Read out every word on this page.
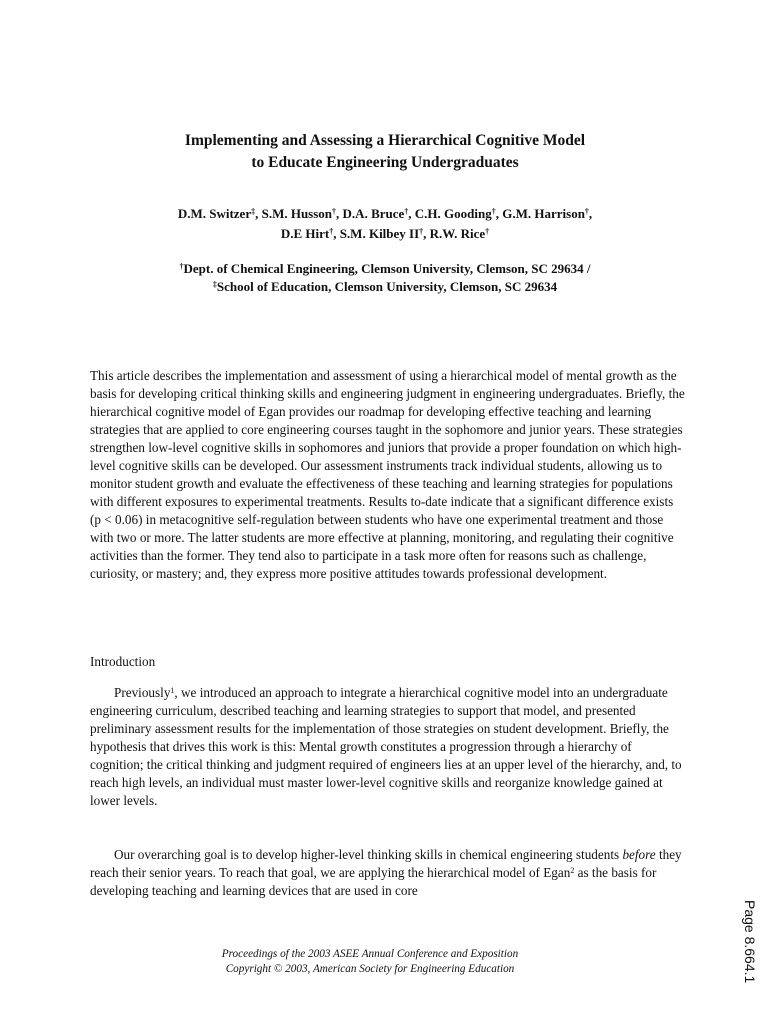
Implementing and Assessing a Hierarchical Cognitive Model
to Educate Engineering Undergraduates
D.M. Switzer‡, S.M. Husson†, D.A. Bruce†, C.H. Gooding†, G.M. Harrison†,
D.E Hirt†, S.M. Kilbey II†, R.W. Rice†
†Dept. of Chemical Engineering, Clemson University, Clemson, SC 29634 /
‡School of Education, Clemson University, Clemson, SC 29634

This article describes the implementation and assessment of using a hierarchical model of mental growth as the basis for developing critical thinking skills and engineering judgment in engineering undergraduates. Briefly, the hierarchical cognitive model of Egan provides our roadmap for developing effective teaching and learning strategies that are applied to core engineering courses taught in the sophomore and junior years. These strategies strengthen low-level cognitive skills in sophomores and juniors that provide a proper foundation on which high-level cognitive skills can be developed. Our assessment instruments track individual students, allowing us to monitor student growth and evaluate the effectiveness of these teaching and learning strategies for populations with different exposures to experimental treatments. Results to-date indicate that a significant difference exists (p < 0.06) in metacognitive self-regulation between students who have one experimental treatment and those with two or more. The latter students are more effective at planning, monitoring, and regulating their cognitive activities than the former. They tend also to participate in a task more often for reasons such as challenge, curiosity, or mastery; and, they express more positive attitudes towards professional development.

Introduction

Previously$^1$, we introduced an approach to integrate a hierarchical cognitive model into an undergraduate engineering curriculum, described teaching and learning strategies to support that model, and presented preliminary assessment results for the implementation of those strategies on student development. Briefly, the hypothesis that drives this work is this: Mental growth constitutes a progression through a hierarchy of cognition; the critical thinking and judgment required of engineers lies at an upper level of the hierarchy, and, to reach high levels, an individual must master lower-level cognitive skills and reorganize knowledge gained at lower levels.

Our overarching goal is to develop higher-level thinking skills in chemical engineering students before they reach their senior years. To reach that goal, we are applying the hierarchical model of Egan$^2$ as the basis for developing teaching and learning devices that are used in core

Proceedings of the 2003 ASEE Annual Conference and Exposition
Copyright © 2003, American Society for Engineering Education	Page 8.664.1
